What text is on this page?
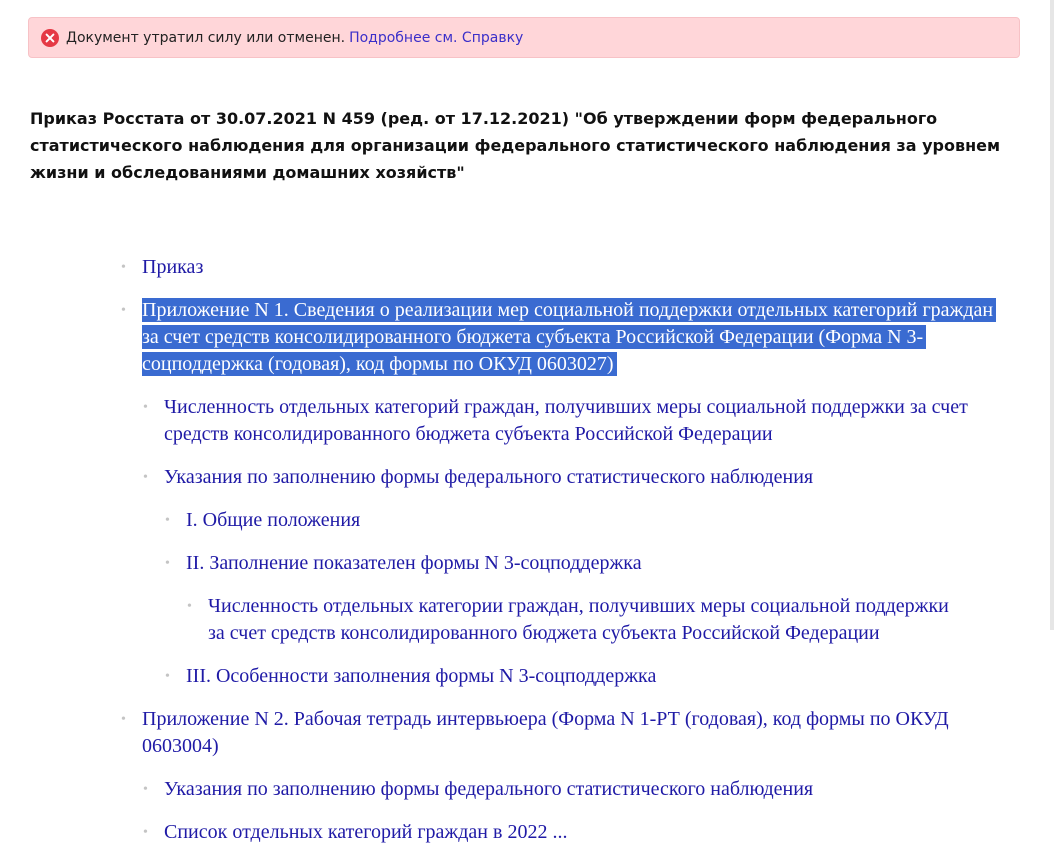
Документ утратил силу или отменен. Подробнее см. Справку
Приказ Росстата от 30.07.2021 N 459 (ред. от 17.12.2021) "Об утверждении форм федерального статистического наблюдения для организации федерального статистического наблюдения за уровнем жизни и обследованиями домашних хозяйств"
• Приказ
• Приложение N 1. Сведения о реализации мер социальной поддержки отдельных категорий граждан за счет средств консолидированного бюджета субъекта Российской Федерации (Форма N 3-соцподдержка (годовая), код формы по ОКУД 0603027)
• Численность отдельных категорий граждан, получивших меры социальной поддержки за счет средств консолидированного бюджета субъекта Российской Федерации
• Указания по заполнению формы федерального статистического наблюдения
• I. Общие положения
• II. Заполнение показателен формы N 3-соцподдержка
• Численность отдельных категории граждан, получивших меры социальной поддержки за счет средств консолидированного бюджета субъекта Российской Федерации
• III. Особенности заполнения формы N 3-соцподдержка
• Приложение N 2. Рабочая тетрадь интервьюера (Форма N 1-РТ (годовая), код формы по ОКУД 0603004)
• Указания по заполнению формы федерального статистического наблюдения
• Список отдельных категорий граждан в 2022 ...
